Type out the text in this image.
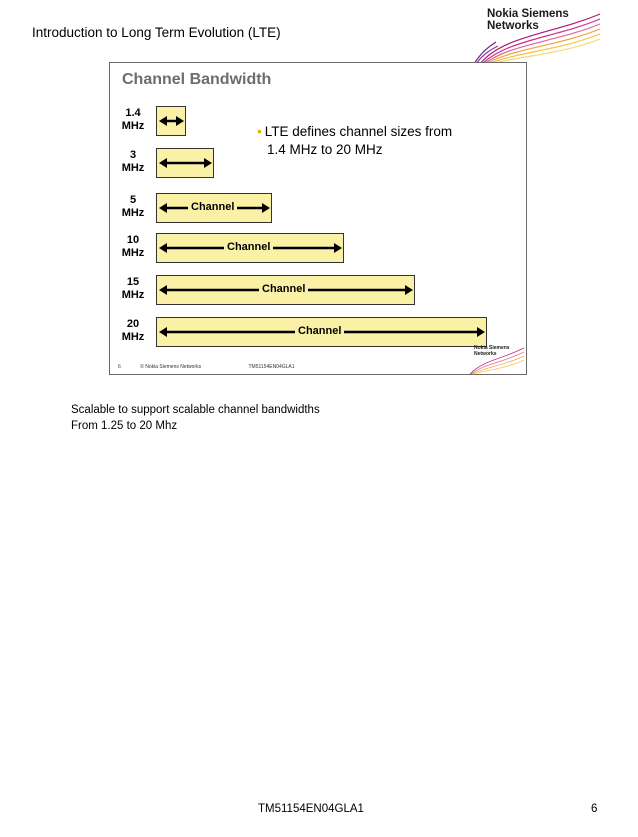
Introduction to Long Term Evolution (LTE)
Nokia Siemens
Networks
Channel Bandwidth
• LTE defines channel sizes from
1.4 MHz to 20 MHz
1.4
MHz
3
MHz
5
MHz	Channel
10
MHz	Channel
15
MHz	Channel
20
MHz	Channel
6	© Nokia Siemens Networks	TM51154EN04GLA1
Nokia Siemens
Networks
Scalable to support scalable channel bandwidths
From 1.25 to 20 Mhz
TM51154EN04GLA1	6
